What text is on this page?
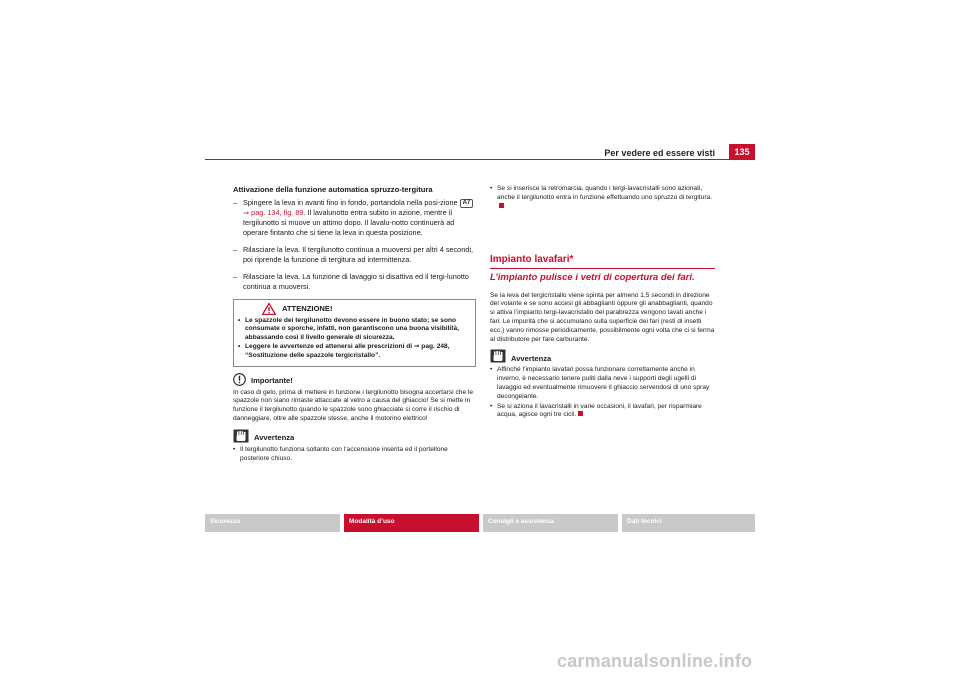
Per vedere ed essere visti	135
Attivazione della funzione automatica spruzzo-tergitura
– Spingere la leva in avanti fino in fondo, portandola nella posi-zione A7 ⇒ pag. 134, fig. 89. Il lavalunotto entra subito in azione, mentre il tergilunotto si muove un attimo dopo. Il lavalu-notto continuerà ad operare fintanto che si tiene la leva in questa posizione.
– Rilasciare la leva. Il tergilunotto continua a muoversi per altri 4 secondi, poi riprende la funzione di tergitura ad intermittenza.
– Rilasciare la leva. La funzione di lavaggio si disattiva ed il tergi-lunotto continua a muoversi.
ATTENZIONE!
• Le spazzole dei tergilunotto devono essere in buono stato; se sono consumate o sporche, infatti, non garantiscono una buona visibilità, abbassando così il livello generale di sicurezza.
• Leggere le avvertenze ed attenersi alle prescrizioni di ⇒ pag. 248, “Sostituzione delle spazzole tergicristallo”.
Importante!
In caso di gelo, prima di mettere in funzione i tergilunotto bisogna accertarsi che le spazzole non siano rimaste attaccate al vetro a causa del ghiaccio! Se si mette in funzione il tergilunotto quando le spazzole sono ghiacciate si corre il rischio di danneggiare, oltre alle spazzole stesse, anche il motorino elettrico!
Avvertenza
• Il tergilunotto funziona soltanto con l’accensione inserita ed il portellone posteriore chiuso.
• Se si inserisce la retromarcia, quando i tergi-lavacristalli sono azionati, anche il tergilunotto entra in funzione effettuando uno spruzzo di tergitura.
Impianto lavafari*
L’impianto pulisce i vetri di copertura dei fari.
Se la leva del tergicristallo viene spinta per almeno 1,5 secondi in direzione del volante e se sono accesi gli abbaglianti oppure gli anabbaglianti, quando si attiva l’impianto tergi-lavacristallo del parabrezza vengono lavati anche i fari. Le impurità che si accumulano sulla superficie dei fari (resti di insetti ecc.) vanno rimosse periodicamente, possibilmente ogni volta che ci si ferma al distributore per fare carburante.
Avvertenza
• Affinché l’impianto lavafari possa funzionare correttamente anche in inverno, è necessario tenere puliti dalla neve i supporti degli ugelli di lavaggio ed eventualmente rimuovere il ghiaccio servendosi di uno spray decongelante.
• Se si aziona il lavacristalli in varie occasioni, il lavafari, per risparmiare acqua, agisce ogni tre cicli.
Sicurezza	Modalità d’uso	Consigli e assistenza	Dati tecnici
carmanualsonline.info
